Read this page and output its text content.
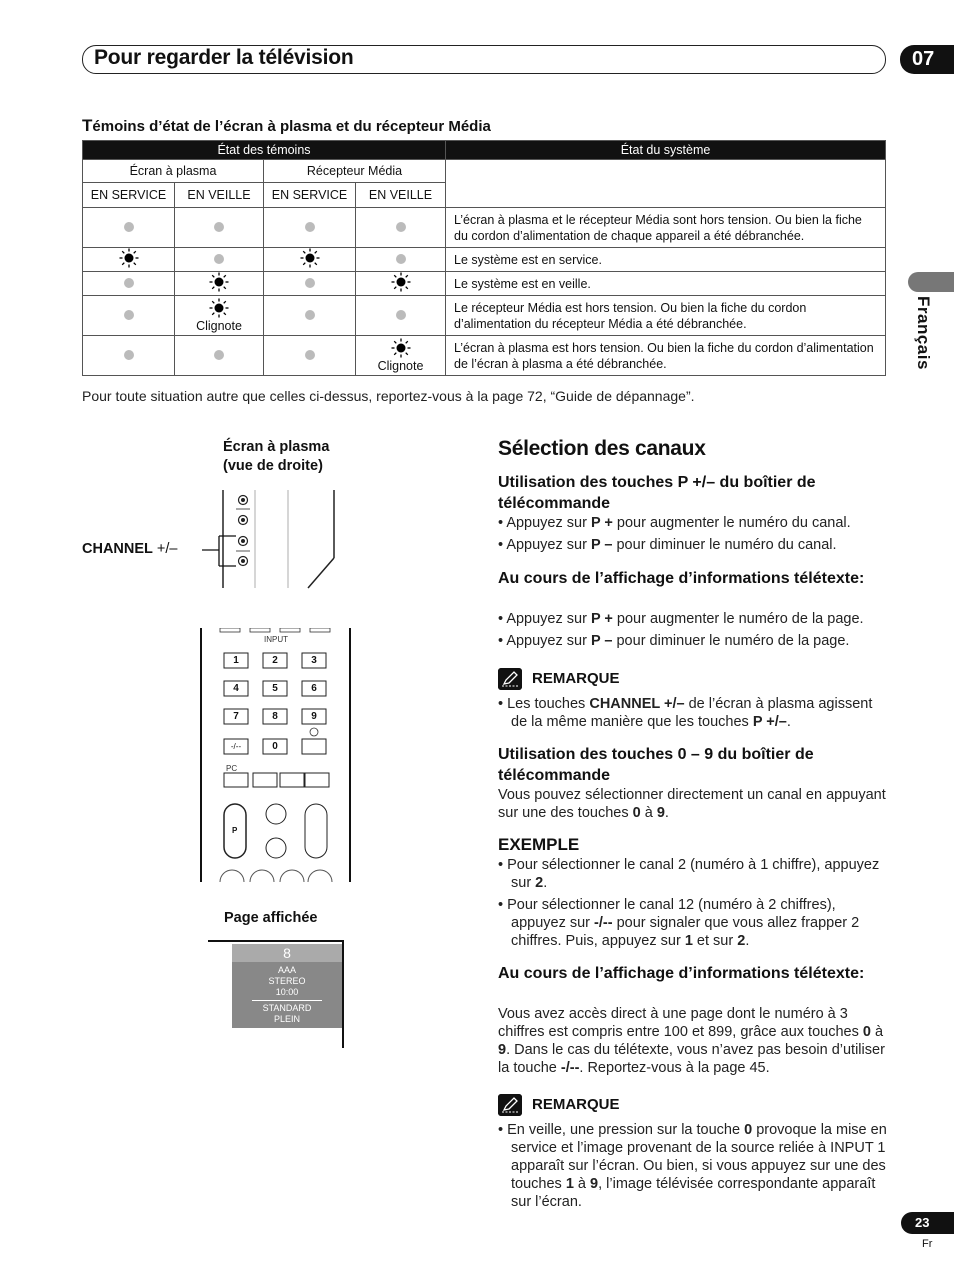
Pour regarder la télévision	07
Français
Témoins d’état de l’écran à plasma et du récepteur Média
État des témoins				État du système
Écran à plasma		Récepteur Média		
EN SERVICE	EN VEILLE	EN SERVICE	EN VEILLE	
				L’écran à plasma et le récepteur Média sont hors tension. Ou bien la fiche du cordon d’alimentation de chaque appareil a été débranchée.
				Le système est en service.
				Le système est en veille.

	Clignote			Le récepteur Média est hors tension. Ou bien la fiche du cordon d’alimentation du récepteur Média a été débranchée.

			Clignote	L’écran à plasma est hors tension. Ou bien la fiche du cordon d’alimentation de l’écran à plasma a été débranchée.
Pour toute situation autre que celles ci-dessus, reportez-vous à la page 72, “Guide de dépannage”.
Écran à plasma
(vue de droite)
CHANNEL +/–
INPUT
1	2	3
4	5	6
7	8	9
-/--	0
PC
P
Page affichée
8
AAA
STEREO
10:00
STANDARD
PLEIN
Sélection des canaux
Utilisation des touches P +/– du boîtier de télécommande
• Appuyez sur P + pour augmenter le numéro du canal.
• Appuyez sur P – pour diminuer le numéro du canal.
Au cours de l’affichage d’informations télétexte:
• Appuyez sur P + pour augmenter le numéro de la page.
• Appuyez sur P – pour diminuer le numéro de la page.
REMARQUE
• Les touches CHANNEL +/– de l’écran à plasma agissent de la même manière que les touches P +/–.
Utilisation des touches 0 – 9 du boîtier de télécommande
Vous pouvez sélectionner directement un canal en appuyant sur une des touches 0 à 9.
EXEMPLE
• Pour sélectionner le canal 2 (numéro à 1 chiffre), appuyez sur 2.
• Pour sélectionner le canal 12 (numéro à 2 chiffres), appuyez sur -/-- pour signaler que vous allez frapper 2 chiffres. Puis, appuyez sur 1 et sur 2.
Au cours de l’affichage d’informations télétexte:
Vous avez accès direct à une page dont le numéro à 3 chiffres est compris entre 100 et 899, grâce aux touches 0 à 9. Dans le cas du télétexte, vous n’avez pas besoin d’utiliser la touche -/--. Reportez-vous à la page 45.
REMARQUE
• En veille, une pression sur la touche 0 provoque la mise en service et l’image provenant de la source reliée à INPUT 1 apparaît sur l’écran. Ou bien, si vous appuyez sur une des touches 1 à 9, l’image télévisée correspondante apparaît sur l’écran.
23
Fr
